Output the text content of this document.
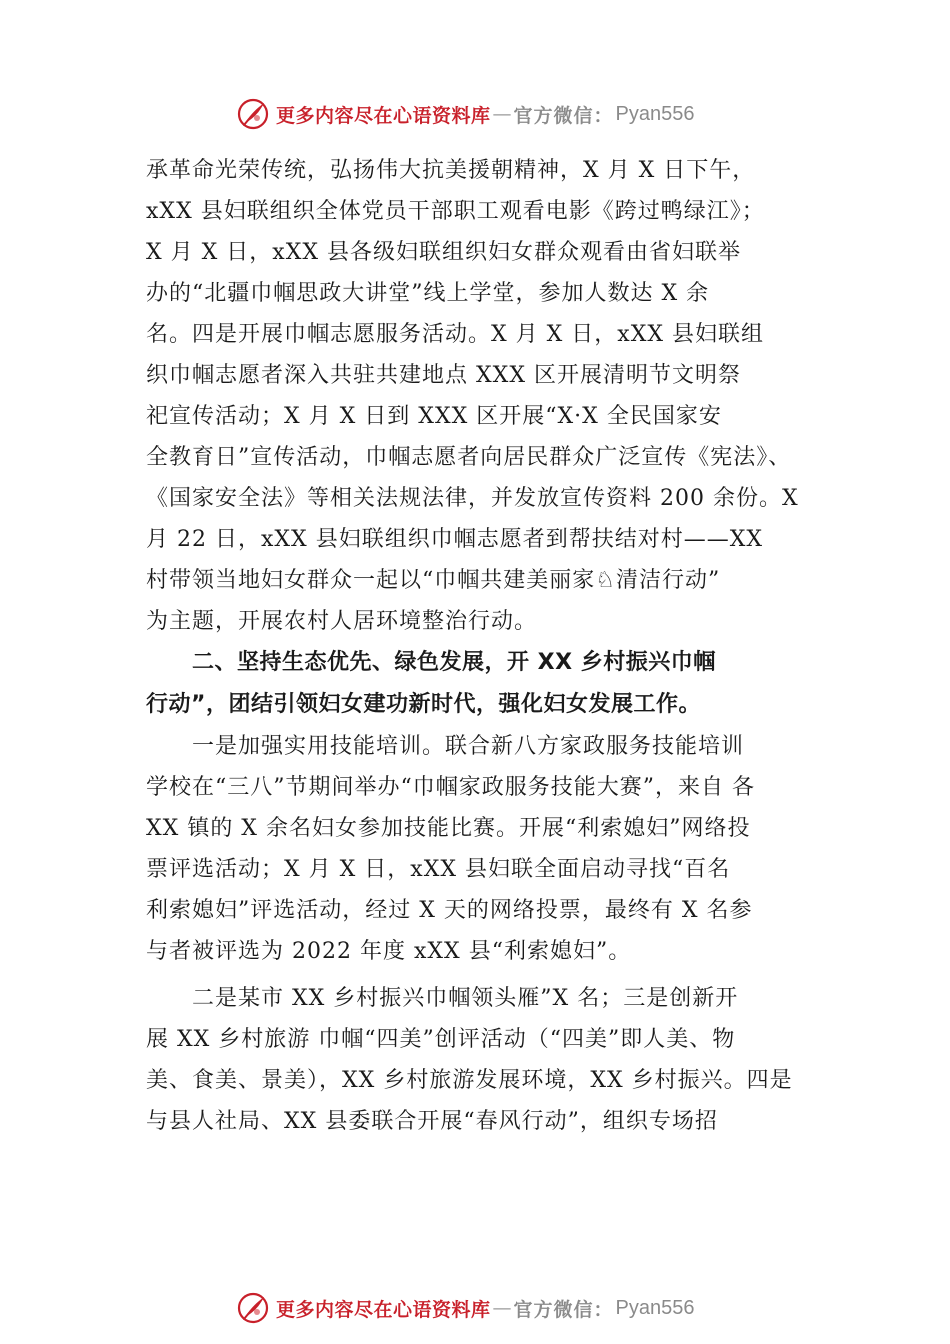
更多内容尽在心语资料库 — 官方微信： Pyan556
承革命光荣传统，弘扬伟大抗美援朝精神，X 月 X 日下午，
xXX 县妇联组织全体党员干部职工观看电影《跨过鸭绿江》；
X 月 X 日，xXX 县各级妇联组织妇女群众观看由省妇联举
办的“北疆巾帼思政大讲堂”线上学堂，参加人数达 X 余
名。四是开展巾帼志愿服务活动。X 月 X 日，xXX 县妇联组
织巾帼志愿者深入共驻共建地点 XXX 区开展清明节文明祭
祀宣传活动；X 月 X 日到 XXX 区开展“X·X 全民国家安
全教育日”宣传活动，巾帼志愿者向居民群众广泛宣传《宪法》、
《国家安全法》等相关法规法律，并发放宣传资料 200 余份。X
月 22 日，xXX 县妇联组织巾帼志愿者到帮扶结对村——XX
村带领当地妇女群众一起以“巾帼共建美丽家♘清洁行动”
为主题，开展农村人居环境整治行动。
二、坚持生态优先、绿色发展，开 XX 乡村振兴巾帼
行动”，团结引领妇女建功新时代，强化妇女发展工作。
一是加强实用技能培训。联合新八方家政服务技能培训
学校在“三八”节期间举办“巾帼家政服务技能大赛”，来自 各
XX 镇的 X 余名妇女参加技能比赛。开展“利索媳妇”网络投
票评选活动；X 月 X 日，xXX 县妇联全面启动寻找“百名
利索媳妇”评选活动，经过 X 天的网络投票，最终有 X 名参
与者被评选为 2022 年度 xXX 县“利索媳妇”。
二是某市 XX 乡村振兴巾帼领头雁”X 名；三是创新开
展 XX 乡村旅游 巾帼“四美”创评活动（“四美”即人美、物
美、食美、景美），XX 乡村旅游发展环境，XX 乡村振兴。四是
与县人社局、XX 县委联合开展“春风行动”，组织专场招
更多内容尽在心语资料库 — 官方微信： Pyan556
